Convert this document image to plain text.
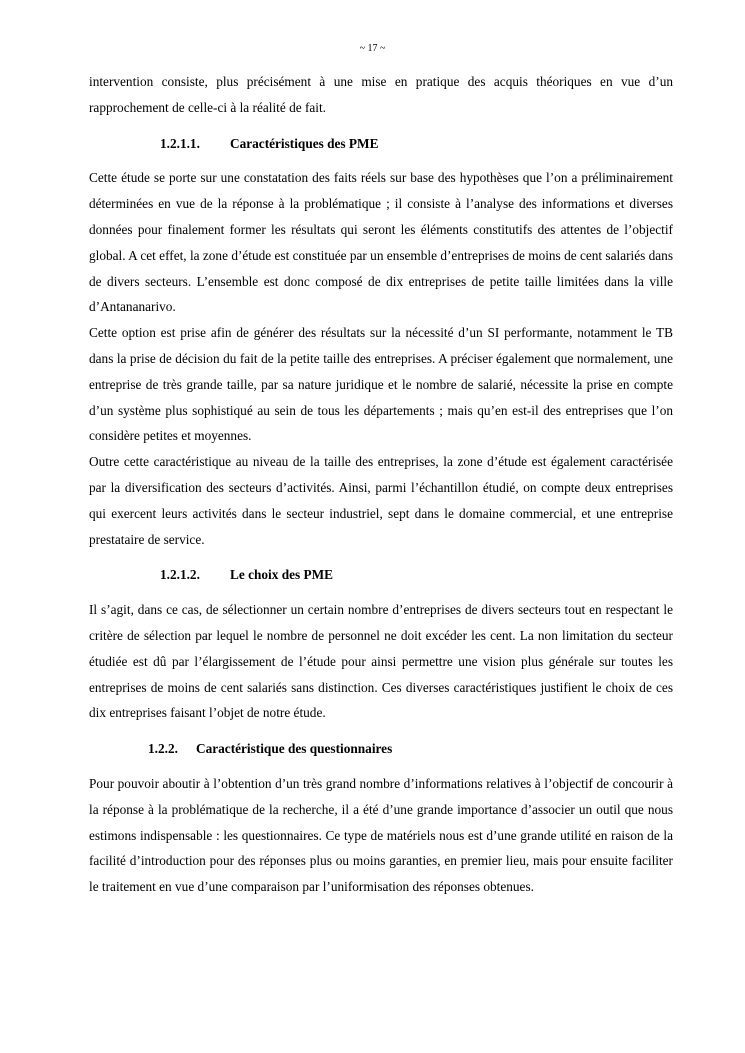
~ 17 ~

intervention consiste, plus précisément à une mise en pratique des acquis théoriques en vue d’un rapprochement de celle-ci à la réalité de fait.

1.2.1.1. Caractéristiques des PME

Cette étude se porte sur une constatation des faits réels sur base des hypothèses que l’on a préliminairement déterminées en vue de la réponse à la problématique ; il consiste à l’analyse des informations et diverses données pour finalement former les résultats qui seront les éléments constitutifs des attentes de l’objectif global. A cet effet, la zone d’étude est constituée par un ensemble d’entreprises de moins de cent salariés dans de divers secteurs. L’ensemble est donc composé de dix entreprises de petite taille limitées dans la ville d’Antananarivo.

Cette option est prise afin de générer des résultats sur la nécessité d’un SI performante, notamment le TB dans la prise de décision du fait de la petite taille des entreprises. A préciser également que normalement, une entreprise de très grande taille, par sa nature juridique et le nombre de salarié, nécessite la prise en compte d’un système plus sophistiqué au sein de tous les départements ; mais qu’en est-il des entreprises que l’on considère petites et moyennes.

Outre cette caractéristique au niveau de la taille des entreprises, la zone d’étude est également caractérisée par la diversification des secteurs d’activités. Ainsi, parmi l’échantillon étudié, on compte deux entreprises qui exercent leurs activités dans le secteur industriel, sept dans le domaine commercial, et une entreprise prestataire de service.

1.2.1.2. Le choix des PME

Il s’agit, dans ce cas, de sélectionner un certain nombre d’entreprises de divers secteurs tout en respectant le critère de sélection par lequel le nombre de personnel ne doit excéder les cent. La non limitation du secteur étudiée est dû par l’élargissement de l’étude pour ainsi permettre une vision plus générale sur toutes les entreprises de moins de cent salariés sans distinction. Ces diverses caractéristiques justifient le choix de ces dix entreprises faisant l’objet de notre étude.

1.2.2. Caractéristique des questionnaires

Pour pouvoir aboutir à l’obtention d’un très grand nombre d’informations relatives à l’objectif de concourir à la réponse à la problématique de la recherche, il a été d’une grande importance d’associer un outil que nous estimons indispensable : les questionnaires. Ce type de matériels nous est d’une grande utilité en raison de la facilité d’introduction pour des réponses plus ou moins garanties, en premier lieu, mais pour ensuite faciliter le traitement en vue d’une comparaison par l’uniformisation des réponses obtenues.
